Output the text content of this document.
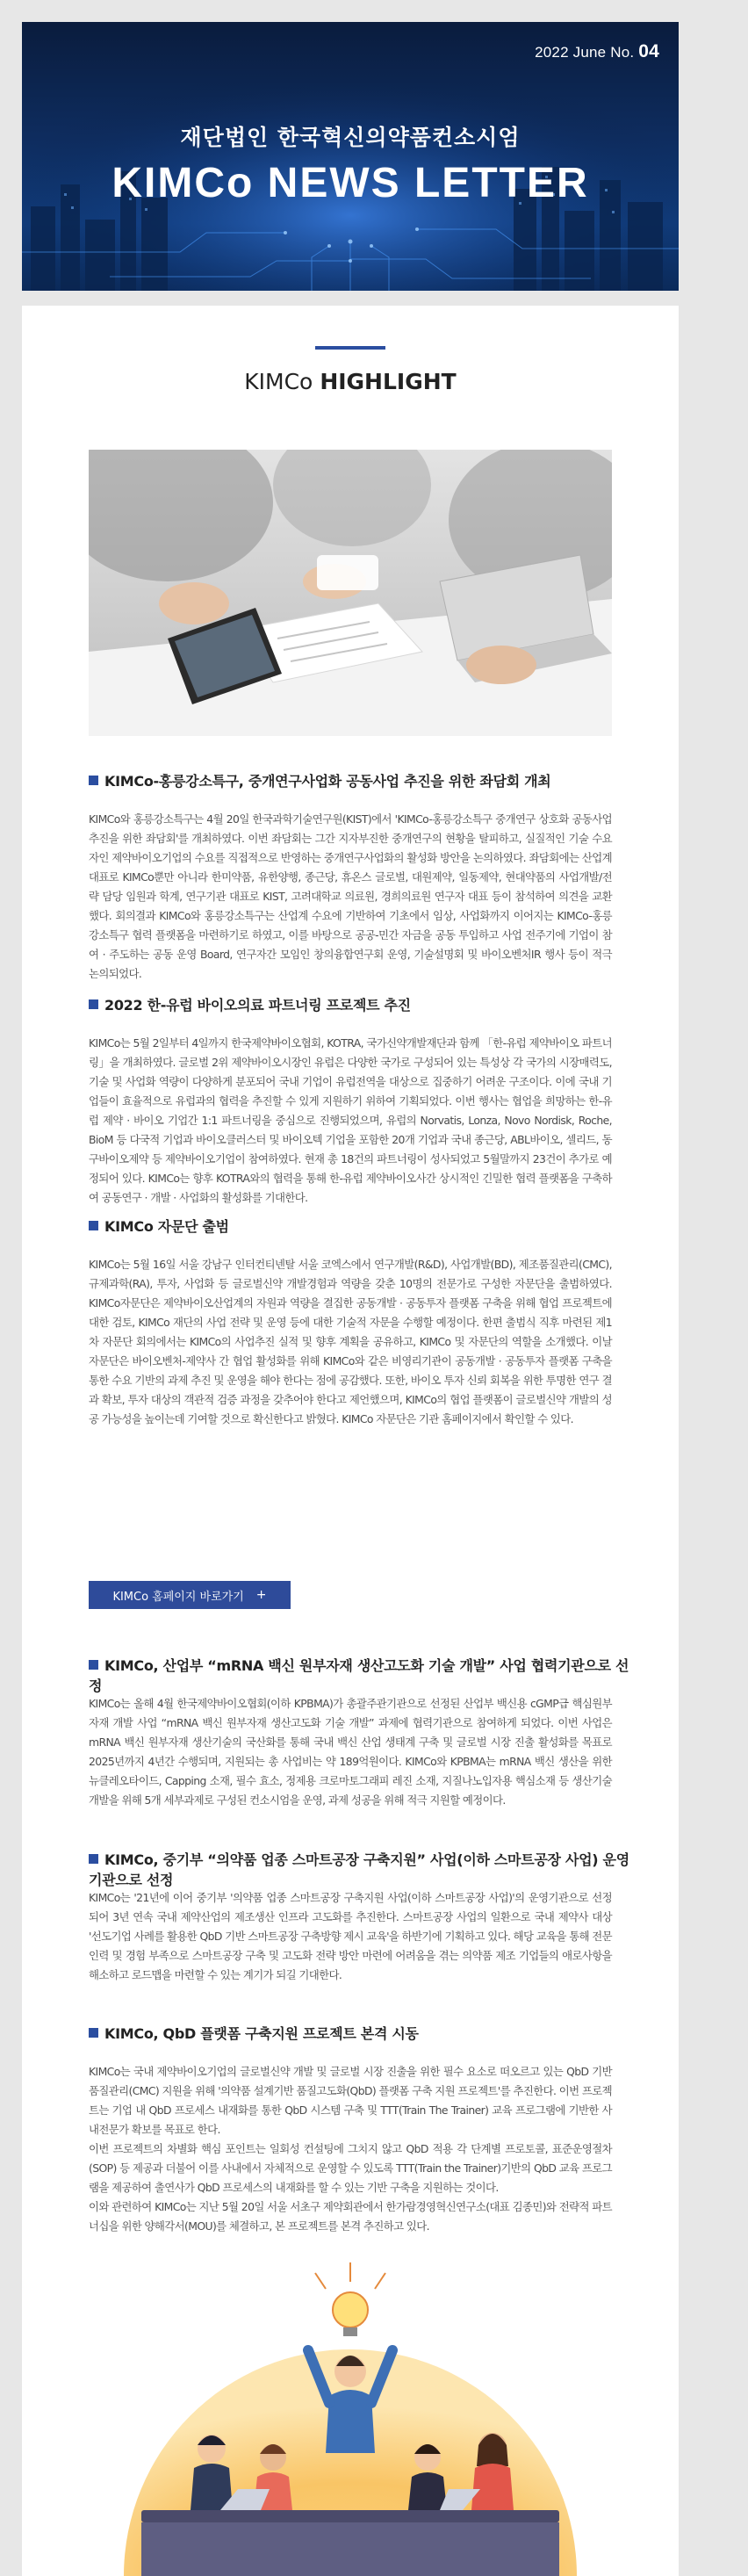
2022 June No. 04
재단법인 한국혁신의약품컨소시엄
KIMCo NEWS LETTER
KIMCo HIGHLIGHT
KIMCo-홍릉강소특구, 중개연구사업화 공동사업 추진을 위한 좌담회 개최

KIMCo와 홍릉강소특구는 4월 20일 한국과학기술연구원(KIST)에서 'KIMCo-홍릉강소특구 중개연구 상호화 공동사업 추진을 위한 좌담회'를 개최하였다. 이번 좌담회는 그간 지자부진한 중개연구의 현황을 탈피하고, 실질적인 기술 수요자인 제약바이오기업의 수요를 직접적으로 반영하는 중개연구사업화의 활성화 방안을 논의하였다. 좌담회에는 산업계 대표로 KIMCo뿐만 아니라 한미약품, 유한양행, 종근당, 휴온스 글로벌, 대원제약, 일동제약, 현대약품의 사업개발/전략 담당 임원과 학계, 연구기관 대표로 KIST, 고려대학교 의료원, 경희의료원 연구자 대표 등이 참석하여 의견을 교환했다. 회의결과 KIMCo와 홍릉강소특구는 산업계 수요에 기반하여 기초에서 임상, 사업화까지 이어지는 KIMCo-홍릉강소특구 협력 플랫폼을 마련하기로 하였고, 이를 바탕으로 공공-민간 자금을 공동 투입하고 사업 전주기에 기업이 참여 · 주도하는 공동 운영 Board, 연구자간 모임인 창의융합연구회 운영, 기술설명회 및 바이오벤처IR 행사 등이 적극 논의되었다.

2022 한-유럽 바이오의료 파트너링 프로젝트 추진

KIMCo는 5월 2일부터 4일까지 한국제약바이오협회, KOTRA, 국가신약개발재단과 함께 「한-유럽 제약바이오 파트너링」을 개최하였다. 글로벌 2위 제약바이오시장인 유럽은 다양한 국가로 구성되어 있는 특성상 각 국가의 시장매력도, 기술 및 사업화 역량이 다양하게 분포되어 국내 기업이 유럽전역을 대상으로 집중하기 어려운 구조이다. 이에 국내 기업들이 효율적으로 유럽과의 협력을 추진할 수 있게 지원하기 위하여 기획되었다. 이번 행사는 협업을 희망하는 한-유럽 제약 · 바이오 기업간 1:1 파트너링을 중심으로 진행되었으며, 유럽의 Norvatis, Lonza, Novo Nordisk, Roche, BioM 등 다국적 기업과 바이오클러스터 및 바이오텍 기업을 포함한 20개 기업과 국내 종근당, ABL바이오, 셀리드, 동구바이오제약 등 제약바이오기업이 참여하였다. 현재 총 18건의 파트너링이 성사되었고 5월말까지 23건이 추가로 예정되어 있다. KIMCo는 향후 KOTRA와의 협력을 통해 한-유럽 제약바이오사간 상시적인 긴밀한 협력 플랫폼을 구축하여 공동연구 · 개발 · 사업화의 활성화를 기대한다.

KIMCo 자문단 출범

KIMCo는 5월 16일 서울 강남구 인터컨티넨탈 서울 코엑스에서 연구개발(R&D), 사업개발(BD), 제조품질관리(CMC), 규제과학(RA), 투자, 사업화 등 글로벌신약 개발경험과 역량을 갖춘 10명의 전문가로 구성한 자문단을 출범하였다. KIMCo자문단은 제약바이오산업계의 자원과 역량을 결집한 공동개발 · 공동투자 플랫폼 구축을 위해 협업 프로젝트에 대한 검토, KIMCo 재단의 사업 전략 및 운영 등에 대한 기술적 자문을 수행할 예정이다. 한편 출범식 직후 마련된 제1차 자문단 회의에서는 KIMCo의 사업추진 실적 및 향후 계획을 공유하고, KIMCo 및 자문단의 역할을 소개했다. 이날 자문단은 바이오벤처-제약사 간 협업 활성화를 위해 KIMCo와 같은 비영리기관이 공동개발 · 공동투자 플랫폼 구축을 통한 수요 기반의 과제 추진 및 운영을 해야 한다는 점에 공감했다. 또한, 바이오 투자 신뢰 회복을 위한 투명한 연구 결과 확보, 투자 대상의 객관적 검증 과정을 갖추어야 한다고 제언했으며, KIMCo의 협업 플랫폼이 글로벌신약 개발의 성공 가능성을 높이는데 기여할 것으로 확신한다고 밝혔다. KIMCo 자문단은 기관 홈페이지에서 확인할 수 있다.

KIMCo 홈페이지 바로가기 +
KIMCo, 산업부 “mRNA 백신 원부자재 생산고도화 기술 개발” 사업 협력기관으로 선정

KIMCo는 올해 4월 한국제약바이오협회(이하 KPBMA)가 총괄주관기관으로 선정된 산업부 백신용 cGMP급 핵심원부자재 개발 사업 “mRNA 백신 원부자재 생산고도화 기술 개발” 과제에 협력기관으로 참여하게 되었다. 이번 사업은 mRNA 백신 원부자재 생산기술의 국산화를 통해 국내 백신 산업 생태계 구축 및 글로벌 시장 진출 활성화를 목표로 2025년까지 4년간 수행되며, 지원되는 총 사업비는 약 189억원이다. KIMCo와 KPBMA는 mRNA 백신 생산을 위한 뉴클레오타이드, Capping 소재, 필수 효소, 정제용 크로마토그래피 레진 소재, 지질나노입자용 핵심소재 등 생산기술 개발을 위해 5개 세부과제로 구성된 컨소시엄을 운영, 과제 성공을 위해 적극 지원할 예정이다.

KIMCo, 중기부 “의약품 업종 스마트공장 구축지원” 사업(이하 스마트공장 사업) 운영기관으로 선정

KIMCo는 '21년에 이어 중기부 '의약품 업종 스마트공장 구축지원 사업(이하 스마트공장 사업)'의 운영기관으로 선정되어 3년 연속 국내 제약산업의 제조생산 인프라 고도화를 추진한다. 스마트공장 사업의 일환으로 국내 제약사 대상 '선도기업 사례를 활용한 QbD 기반 스마트공장 구축방향 제시 교육'을 하반기에 기획하고 있다. 해당 교육을 통해 전문인력 및 경험 부족으로 스마트공장 구축 및 고도화 전략 방안 마련에 어려움을 겪는 의약품 제조 기업들의 애로사항을 해소하고 로드맵을 마련할 수 있는 계기가 되길 기대한다.

KIMCo, QbD 플랫폼 구축지원 프로젝트 본격 시동
KIMCo는 국내 제약바이오기업의 글로벌신약 개발 및 글로벌 시장 진출을 위한 필수 요소로 떠오르고 있는 QbD 기반 품질관리(CMC) 지원을 위해 '의약품 설계기반 품질고도화(QbD) 플랫폼 구축 지원 프로젝트'를 추진한다. 이번 프로젝트는 기업 내 QbD 프로세스 내재화를 통한 QbD 시스템 구축 및 TTT(Train The Trainer) 교육 프로그램에 기반한 사내전문가 확보를 목표로 한다.
이번 프로젝트의 차별화 핵심 포인트는 일회성 컨설팅에 그치지 않고 QbD 적용 각 단계별 프로토콜, 표준운영절차(SOP) 등 제공과 더불어 이를 사내에서 자체적으로 운영할 수 있도록 TTT(Train the Trainer)기반의 QbD 교육 프로그램을 제공하여 출연사가 QbD 프로세스의 내재화를 할 수 있는 기반 구축을 지원하는 것이다.
이와 관련하여 KIMCo는 지난 5월 20일 서울 서초구 제약회관에서 한가람경영혁신연구소(대표 김종민)와 전략적 파트너십을 위한 양해각서(MOU)를 체결하고, 본 프로젝트를 본격 추진하고 있다.
